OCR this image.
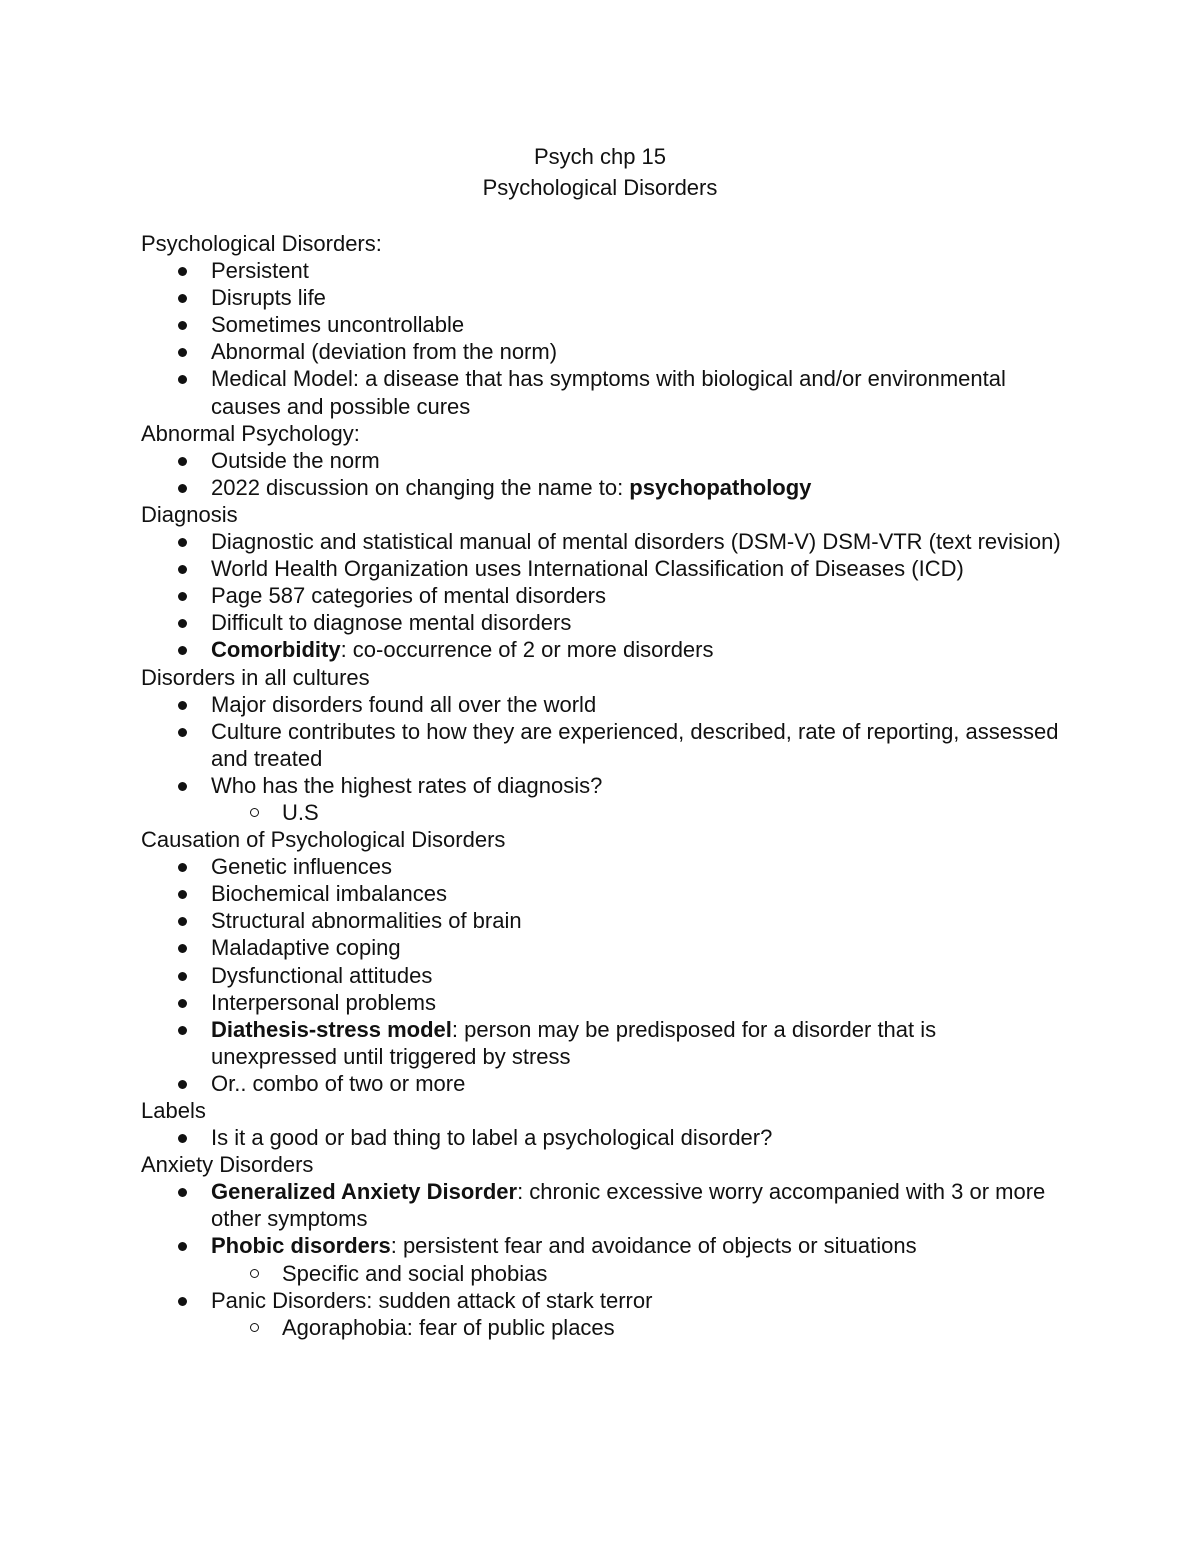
Psych chp 15
Psychological Disorders
Psychological Disorders:
Persistent
Disrupts life
Sometimes uncontrollable
Abnormal (deviation from the norm)
Medical Model: a disease that has symptoms with biological and/or environmental causes and possible cures
Abnormal Psychology:
Outside the norm
2022 discussion on changing the name to: psychopathology
Diagnosis
Diagnostic and statistical manual of mental disorders (DSM-V) DSM-VTR (text revision)
World Health Organization uses International Classification of Diseases (ICD)
Page 587 categories of mental disorders
Difficult to diagnose mental disorders
Comorbidity: co-occurrence of 2 or more disorders
Disorders in all cultures
Major disorders found all over the world
Culture contributes to how they are experienced, described, rate of reporting, assessed and treated
Who has the highest rates of diagnosis?
U.S
Causation of Psychological Disorders
Genetic influences
Biochemical imbalances
Structural abnormalities of brain
Maladaptive coping
Dysfunctional attitudes
Interpersonal problems
Diathesis-stress model: person may be predisposed for a disorder that is unexpressed until triggered by stress
Or.. combo of two or more
Labels
Is it a good or bad thing to label a psychological disorder?
Anxiety Disorders
Generalized Anxiety Disorder: chronic excessive worry accompanied with 3 or more other symptoms
Phobic disorders: persistent fear and avoidance of objects or situations
Specific and social phobias
Panic Disorders: sudden attack of stark terror
Agoraphobia: fear of public places
